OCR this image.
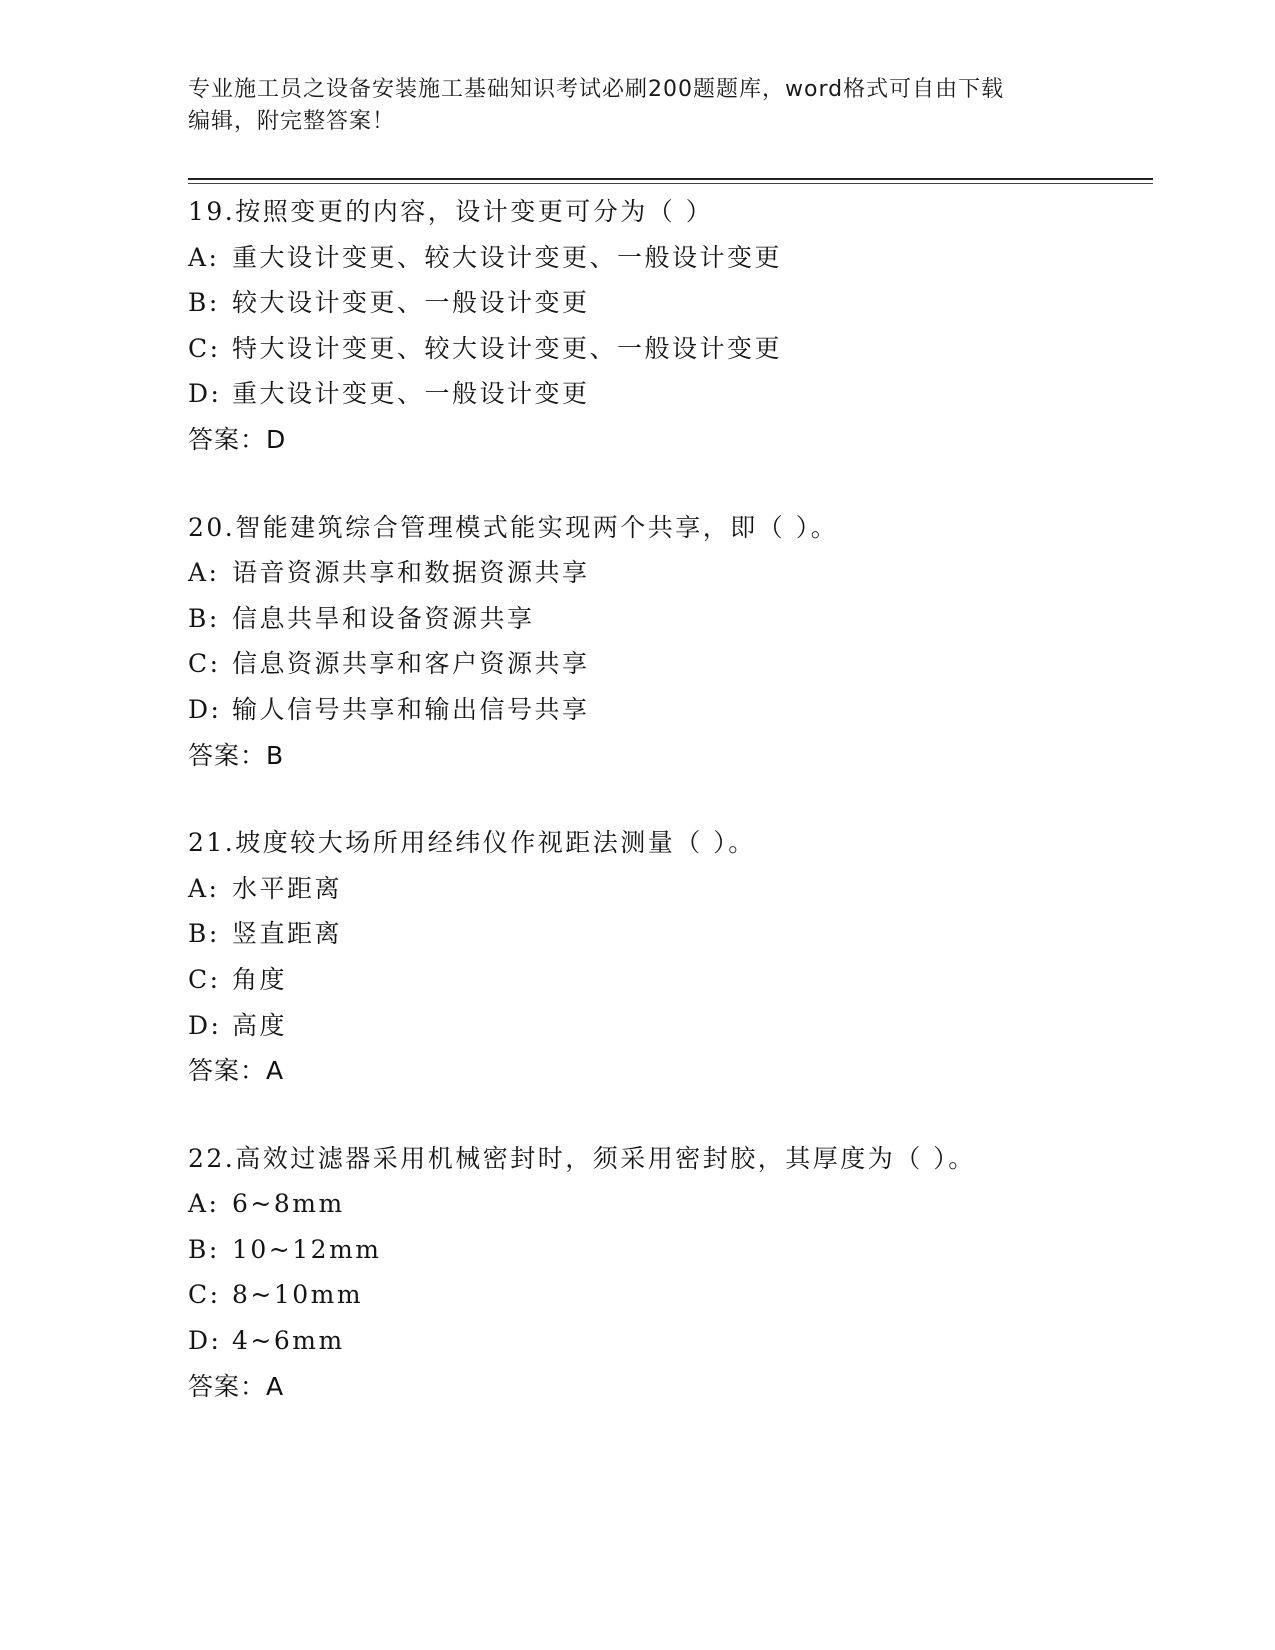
专业施工员之设备安装施工基础知识考试必刷200题题库，word格式可自由下载
编辑，附完整答案！
19.按照变更的内容，设计变更可分为（ ）
A: 重大设计变更、较大设计变更、一般设计变更
B: 较大设计变更、一般设计变更
C: 特大设计变更、较大设计变更、一般设计变更
D: 重大设计变更、一般设计变更
答案：D
20.智能建筑综合管理模式能实现两个共享，即（ ）。
A: 语音资源共享和数据资源共享
B: 信息共旱和设备资源共享
C: 信息资源共享和客户资源共享
D: 输人信号共享和输出信号共享
答案：B
21.坡度较大场所用经纬仪作视距法测量（ ）。
A: 水平距离
B: 竖直距离
C: 角度
D: 高度
答案：A
22.高效过滤器采用机械密封时，须采用密封胶，其厚度为（ ）。
A: 6~8mm
B: 10~12mm
C: 8~10mm
D: 4~6mm
答案：A
